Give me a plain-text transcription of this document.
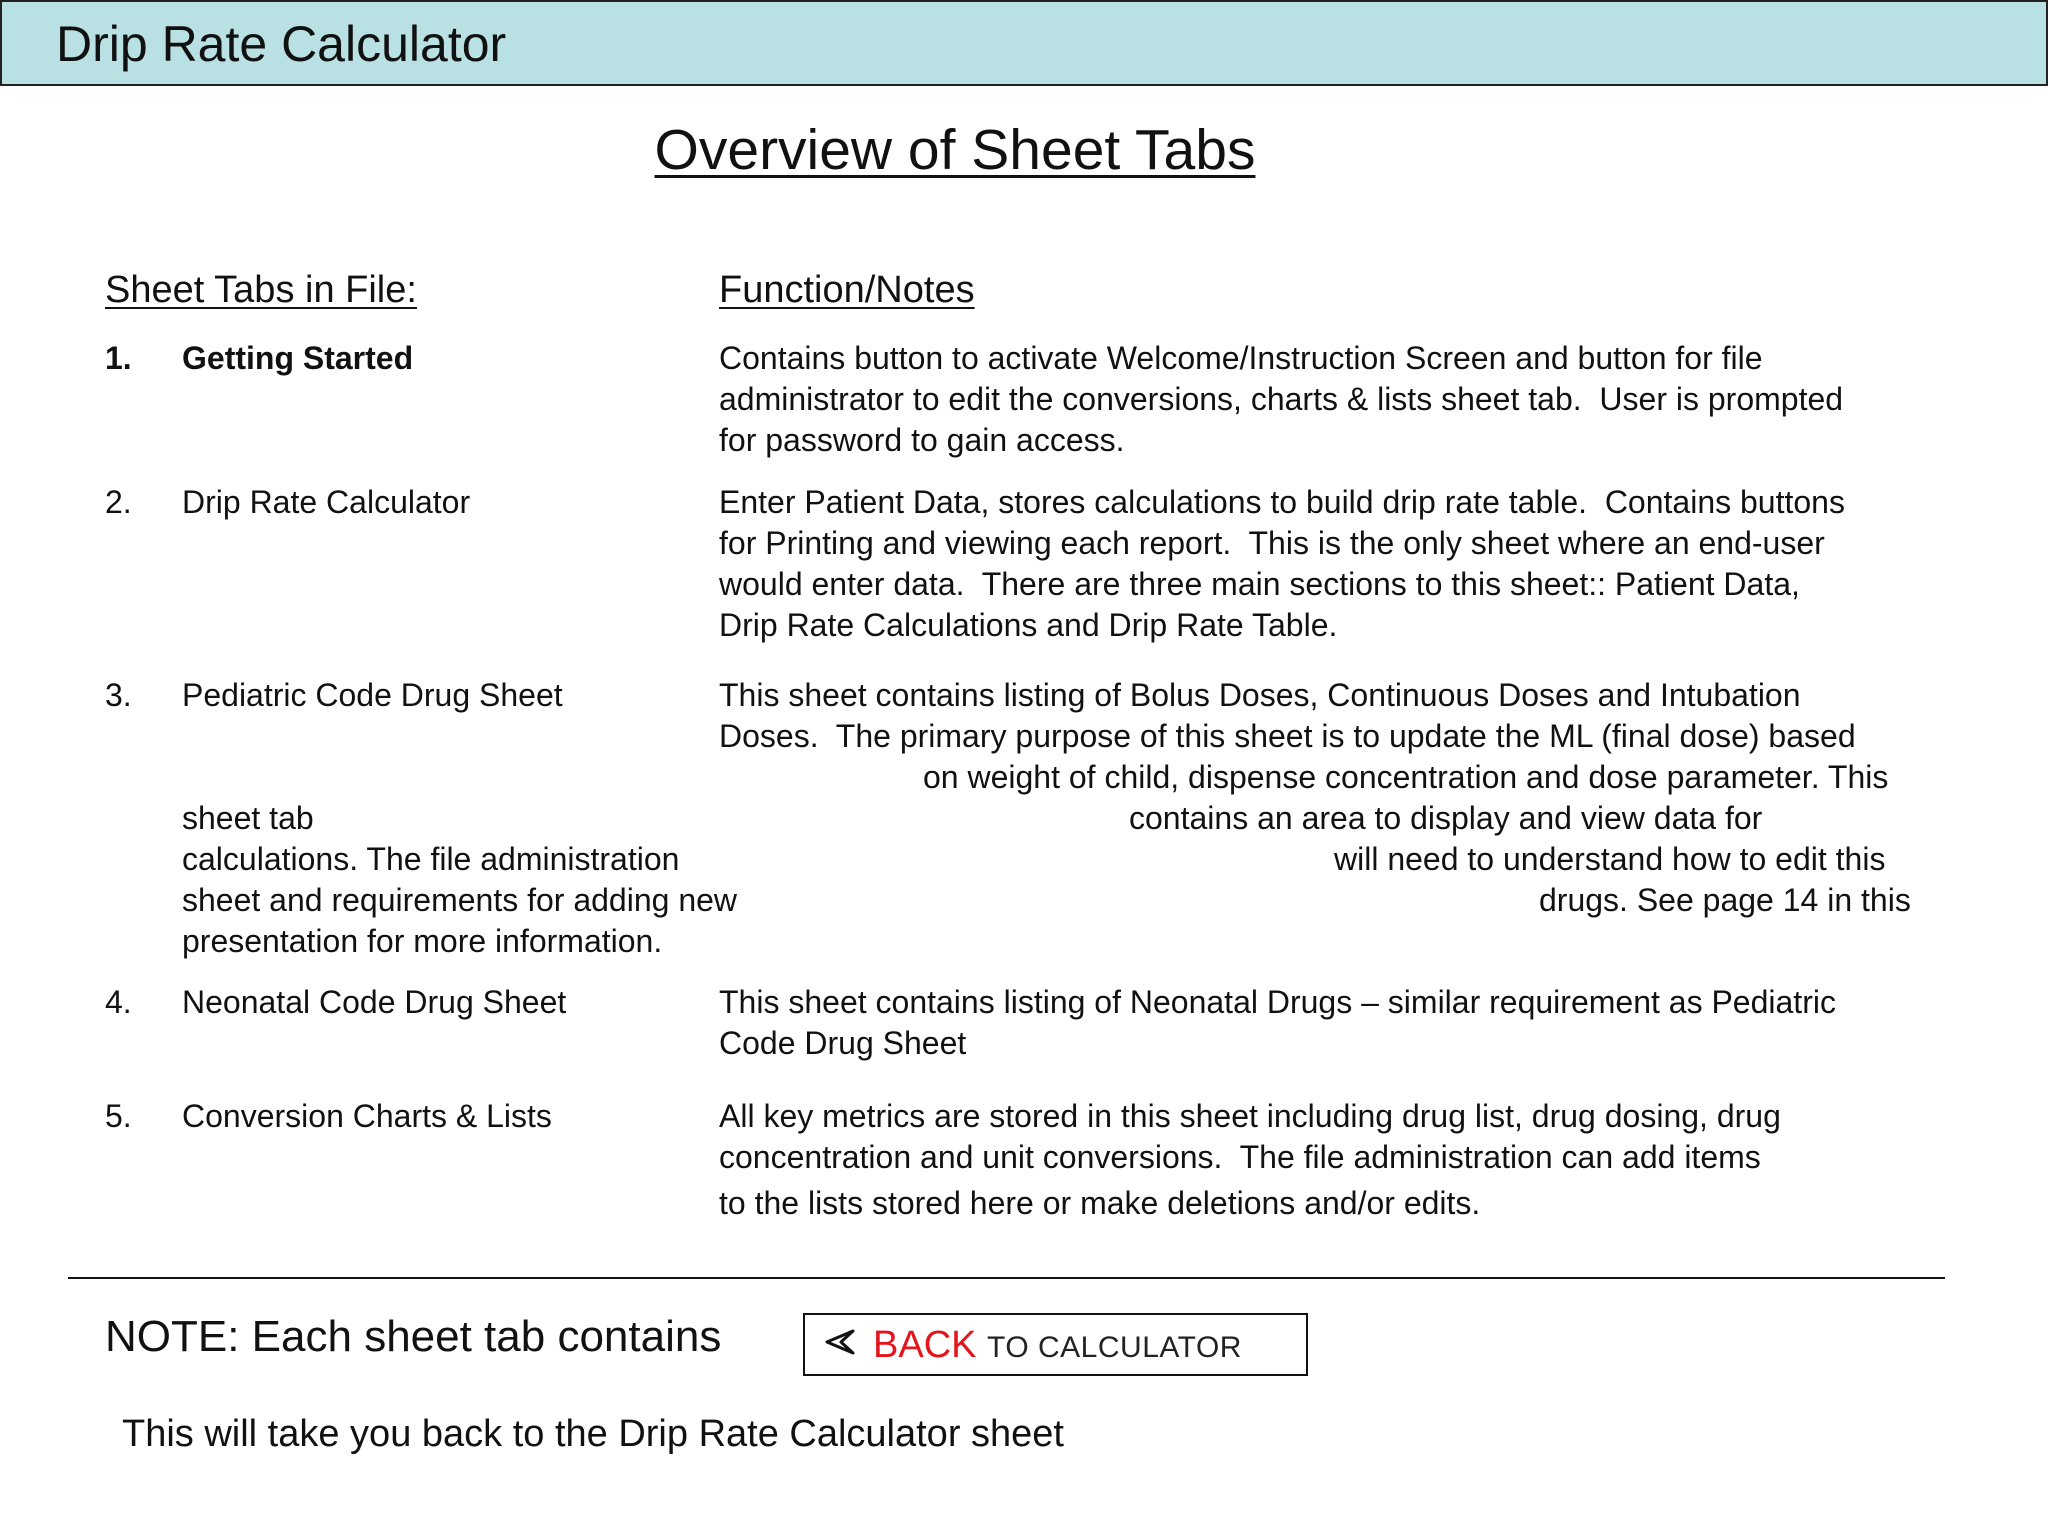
Drip Rate Calculator
Overview of Sheet Tabs
Sheet Tabs in File:	Function/Notes
1. Getting Started	Contains button to activate Welcome/Instruction Screen and button for file
administrator to edit the conversions, charts & lists sheet tab.  User is prompted
for password to gain access.
2. Drip Rate Calculator	Enter Patient Data, stores calculations to build drip rate table.  Contains buttons
for Printing and viewing each report.  This is the only sheet where an end-user
would enter data.  There are three main sections to this sheet:: Patient Data,
Drip Rate Calculations and Drip Rate Table.
3. Pediatric Code Drug Sheet	This sheet contains listing of Bolus Doses, Continuous Doses and Intubation
Doses.  The primary purpose of this sheet is to update the ML (final dose) based
on weight of child, dispense concentration and dose parameter. This
sheet tab	contains an area to display and view data for
calculations. The file administration	will need to understand how to edit this
sheet and requirements for adding new	drugs. See page 14 in this
presentation for more information.
4. Neonatal Code Drug Sheet	This sheet contains listing of Neonatal Drugs – similar requirement as Pediatric
Code Drug Sheet
5. Conversion Charts & Lists	All key metrics are stored in this sheet including drug list, drug dosing, drug
concentration and unit conversions.  The file administration can add items
to the lists stored here or make deletions and/or edits.
NOTE: Each sheet tab contains	BACK TO CALCULATOR
This will take you back to the Drip Rate Calculator sheet
